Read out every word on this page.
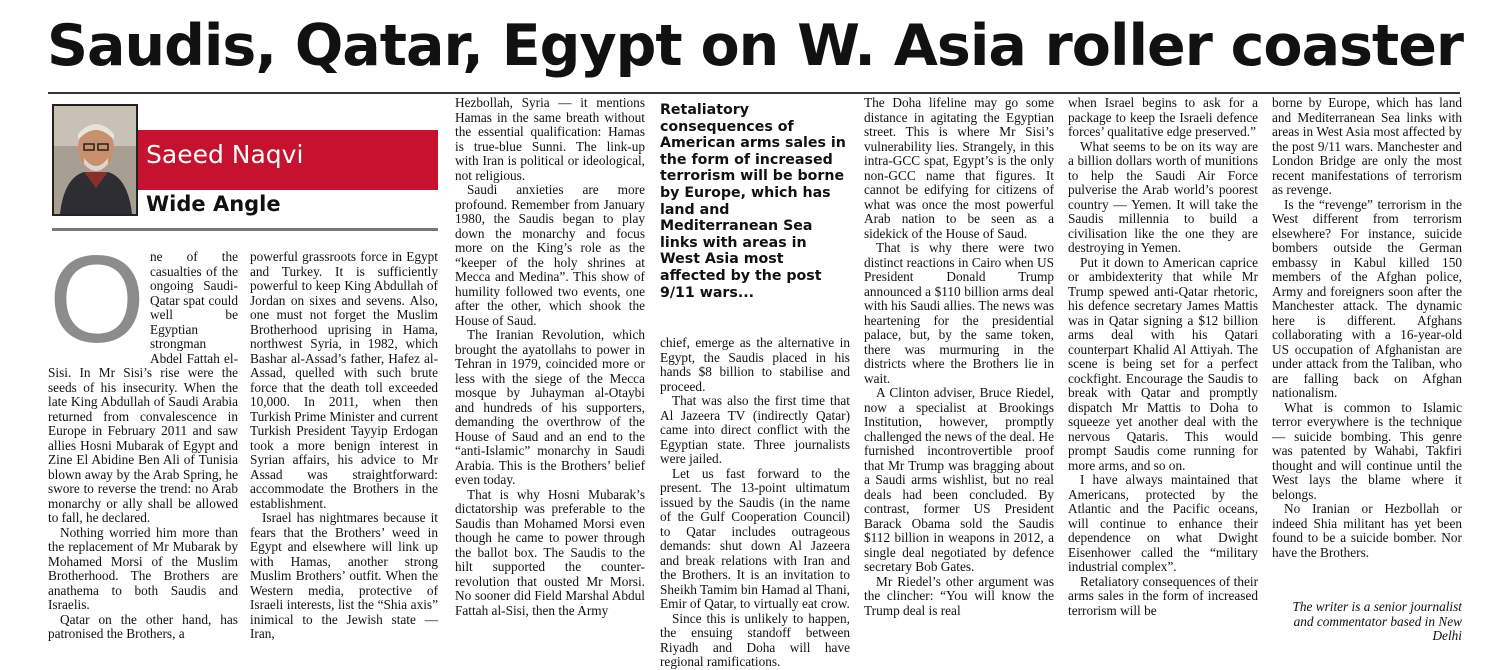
Saudis, Qatar, Egypt on W. Asia roller coaster
Saeed Naqvi
Wide Angle
O ne of the casualties of the ongoing Saudi-Qatar spat could well be Egyptian strongman Abdel Fattah el-Sisi. In Mr Sisi’s rise were the seeds of his insecurity. When the late King Abdullah of Saudi Arabia returned from convalescence in Europe in February 2011 and saw allies Hosni Mubarak of Egypt and Zine El Abidine Ben Ali of Tunisia blown away by the Arab Spring, he swore to reverse the trend: no Arab monarchy or ally shall be allowed to fall, he declared.

Nothing worried him more than the replacement of Mr Mubarak by Mohamed Morsi of the Muslim Brotherhood. The Brothers are anathema to both Saudis and Israelis.

Qatar on the other hand, has patronised the Brothers, a

powerful grassroots force in Egypt and Turkey. It is sufficiently powerful to keep King Abdullah of Jordan on sixes and sevens. Also, one must not forget the Muslim Brotherhood uprising in Hama, northwest Syria, in 1982, which Bashar al-Assad’s father, Hafez al-Assad, quelled with such brute force that the death toll exceeded 10,000. In 2011, when then Turkish Prime Minister and current Turkish President Tayyip Erdogan took a more benign interest in Syrian affairs, his advice to Mr Assad was straightforward: accommodate the Brothers in the establishment.

Israel has nightmares because it fears that the Brothers’ weed in Egypt and elsewhere will link up with Hamas, another strong Muslim Brothers’ outfit. When the Western media, protective of Israeli interests, list the “Shia axis” inimical to the Jewish state — Iran,

Hezbollah, Syria — it mentions Hamas in the same breath without the essential qualification: Hamas is true-blue Sunni. The link-up with Iran is political or ideological, not religious.

Saudi anxieties are more profound. Remember from January 1980, the Saudis began to play down the monarchy and focus more on the King’s role as the “keeper of the holy shrines at Mecca and Medina”. This show of humility followed two events, one after the other, which shook the House of Saud.

The Iranian Revolution, which brought the ayatollahs to power in Tehran in 1979, coincided more or less with the siege of the Mecca mosque by Juhayman al-Otaybi and hundreds of his supporters, demanding the overthrow of the House of Saud and an end to the “anti-Islamic” monarchy in Saudi Arabia. This is the Brothers’ belief even today.

That is why Hosni Mubarak’s dictatorship was preferable to the Saudis than Mohamed Morsi even though he came to power through the ballot box. The Saudis to the hilt supported the counter-revolution that ousted Mr Morsi. No sooner did Field Marshal Abdul Fattah al-Sisi, then the Army

Retaliatory consequences of American arms sales in the form of increased terrorism will be borne by Europe, which has land and Mediterranean Sea links with areas in West Asia most affected by the post 9/11 wars...

chief, emerge as the alternative in Egypt, the Saudis placed in his hands $8 billion to stabilise and proceed.

That was also the first time that Al Jazeera TV (indirectly Qatar) came into direct conflict with the Egyptian state. Three journalists were jailed.

Let us fast forward to the present. The 13-point ultimatum issued by the Saudis (in the name of the Gulf Cooperation Council) to Qatar includes outrageous demands: shut down Al Jazeera and break relations with Iran and the Brothers. It is an invitation to Sheikh Tamim bin Hamad al Thani, Emir of Qatar, to virtually eat crow.

Since this is unlikely to happen, the ensuing standoff between Riyadh and Doha will have regional ramifications.

The Doha lifeline may go some distance in agitating the Egyptian street. This is where Mr Sisi’s vulnerability lies. Strangely, in this intra-GCC spat, Egypt’s is the only non-GCC name that figures. It cannot be edifying for citizens of what was once the most powerful Arab nation to be seen as a sidekick of the House of Saud.

That is why there were two distinct reactions in Cairo when US President Donald Trump announced a $110 billion arms deal with his Saudi allies. The news was heartening for the presidential palace, but, by the same token, there was murmuring in the districts where the Brothers lie in wait.

A Clinton adviser, Bruce Riedel, now a specialist at Brookings Institution, however, promptly challenged the news of the deal. He furnished incontrovertible proof that Mr Trump was bragging about a Saudi arms wishlist, but no real deals had been concluded. By contrast, former US President Barack Obama sold the Saudis $112 billion in weapons in 2012, a single deal negotiated by defence secretary Bob Gates.

Mr Riedel’s other argument was the clincher: “You will know the Trump deal is real

when Israel begins to ask for a package to keep the Israeli defence forces’ qualitative edge preserved.”

What seems to be on its way are a billion dollars worth of munitions to help the Saudi Air Force pulverise the Arab world’s poorest country — Yemen. It will take the Saudis millennia to build a civilisation like the one they are destroying in Yemen.

Put it down to American caprice or ambidexterity that while Mr Trump spewed anti-Qatar rhetoric, his defence secretary James Mattis was in Qatar signing a $12 billion arms deal with his Qatari counterpart Khalid Al Attiyah. The scene is being set for a perfect cockfight. Encourage the Saudis to break with Qatar and promptly dispatch Mr Mattis to Doha to squeeze yet another deal with the nervous Qataris. This would prompt Saudis come running for more arms, and so on.

I have always maintained that Americans, protected by the Atlantic and the Pacific oceans, will continue to enhance their dependence on what Dwight Eisenhower called the “military industrial complex”.

Retaliatory consequences of their arms sales in the form of increased terrorism will be

borne by Europe, which has land and Mediterranean Sea links with areas in West Asia most affected by the post 9/11 wars. Manchester and London Bridge are only the most recent manifestations of terrorism as revenge.

Is the “revenge” terrorism in the West different from terrorism elsewhere? For instance, suicide bombers outside the German embassy in Kabul killed 150 members of the Afghan police, Army and foreigners soon after the Manchester attack. The dynamic here is different. Afghans collaborating with a 16-year-old US occupation of Afghanistan are under attack from the Taliban, who are falling back on Afghan nationalism.

What is common to Islamic terror everywhere is the technique — suicide bombing. This genre was patented by Wahabi, Takfiri thought and will continue until the West lays the blame where it belongs.

No Iranian or Hezbollah or indeed Shia militant has yet been found to be a suicide bomber. Nor have the Brothers.

The writer is a senior journalist and commentator based in New Delhi
